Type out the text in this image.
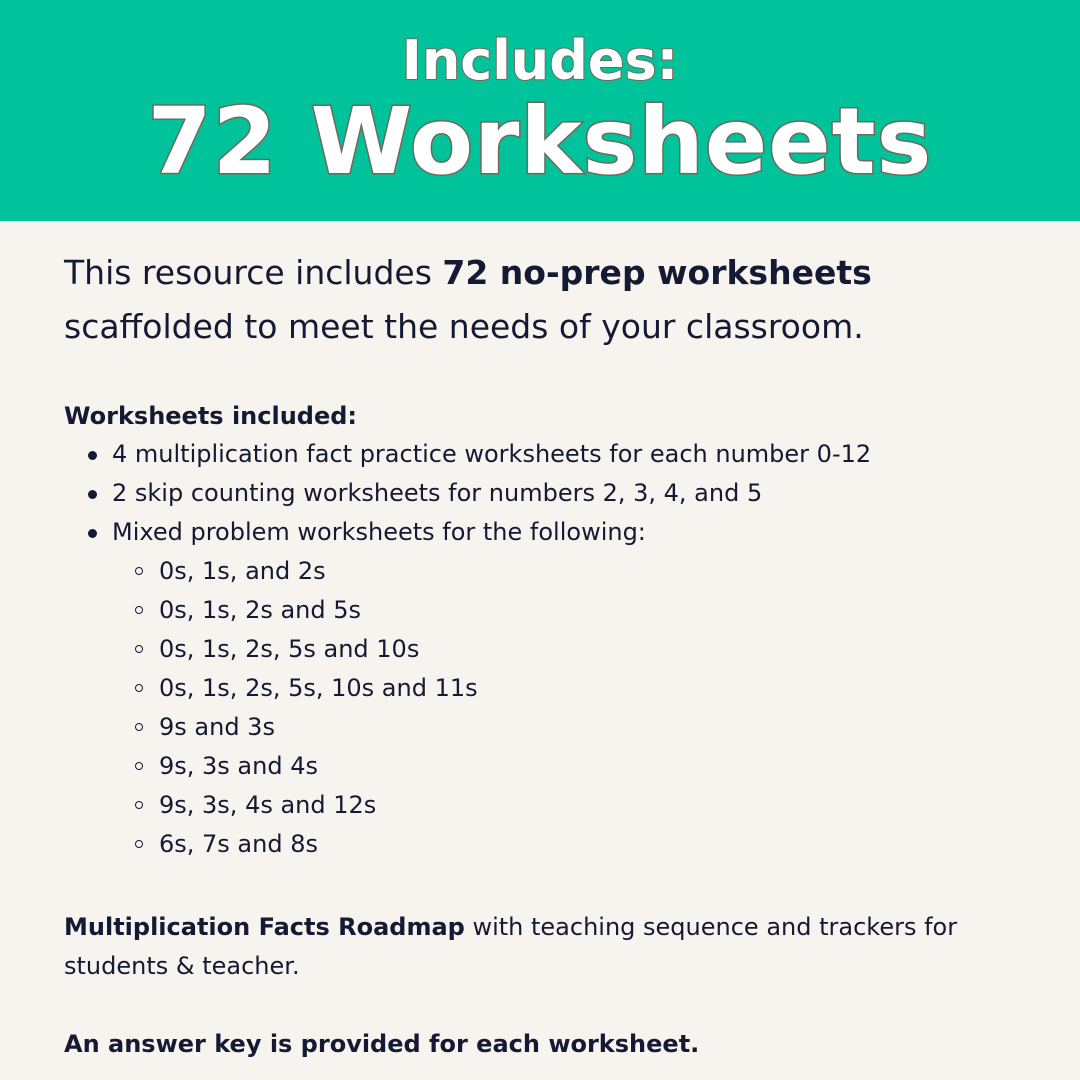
Includes:
72 Worksheets

This resource includes 72 no-prep worksheets scaffolded to meet the needs of your classroom.

Worksheets included:
4 multiplication fact practice worksheets for each number 0-12
2 skip counting worksheets for numbers 2, 3, 4, and 5
Mixed problem worksheets for the following:
0s, 1s, and 2s
0s, 1s, 2s and 5s
0s, 1s, 2s, 5s and 10s
0s, 1s, 2s, 5s, 10s and 11s
9s and 3s
9s, 3s and 4s
9s, 3s, 4s and 12s
6s, 7s and 8s

Multiplication Facts Roadmap with teaching sequence and trackers for students & teacher.

An answer key is provided for each worksheet.
